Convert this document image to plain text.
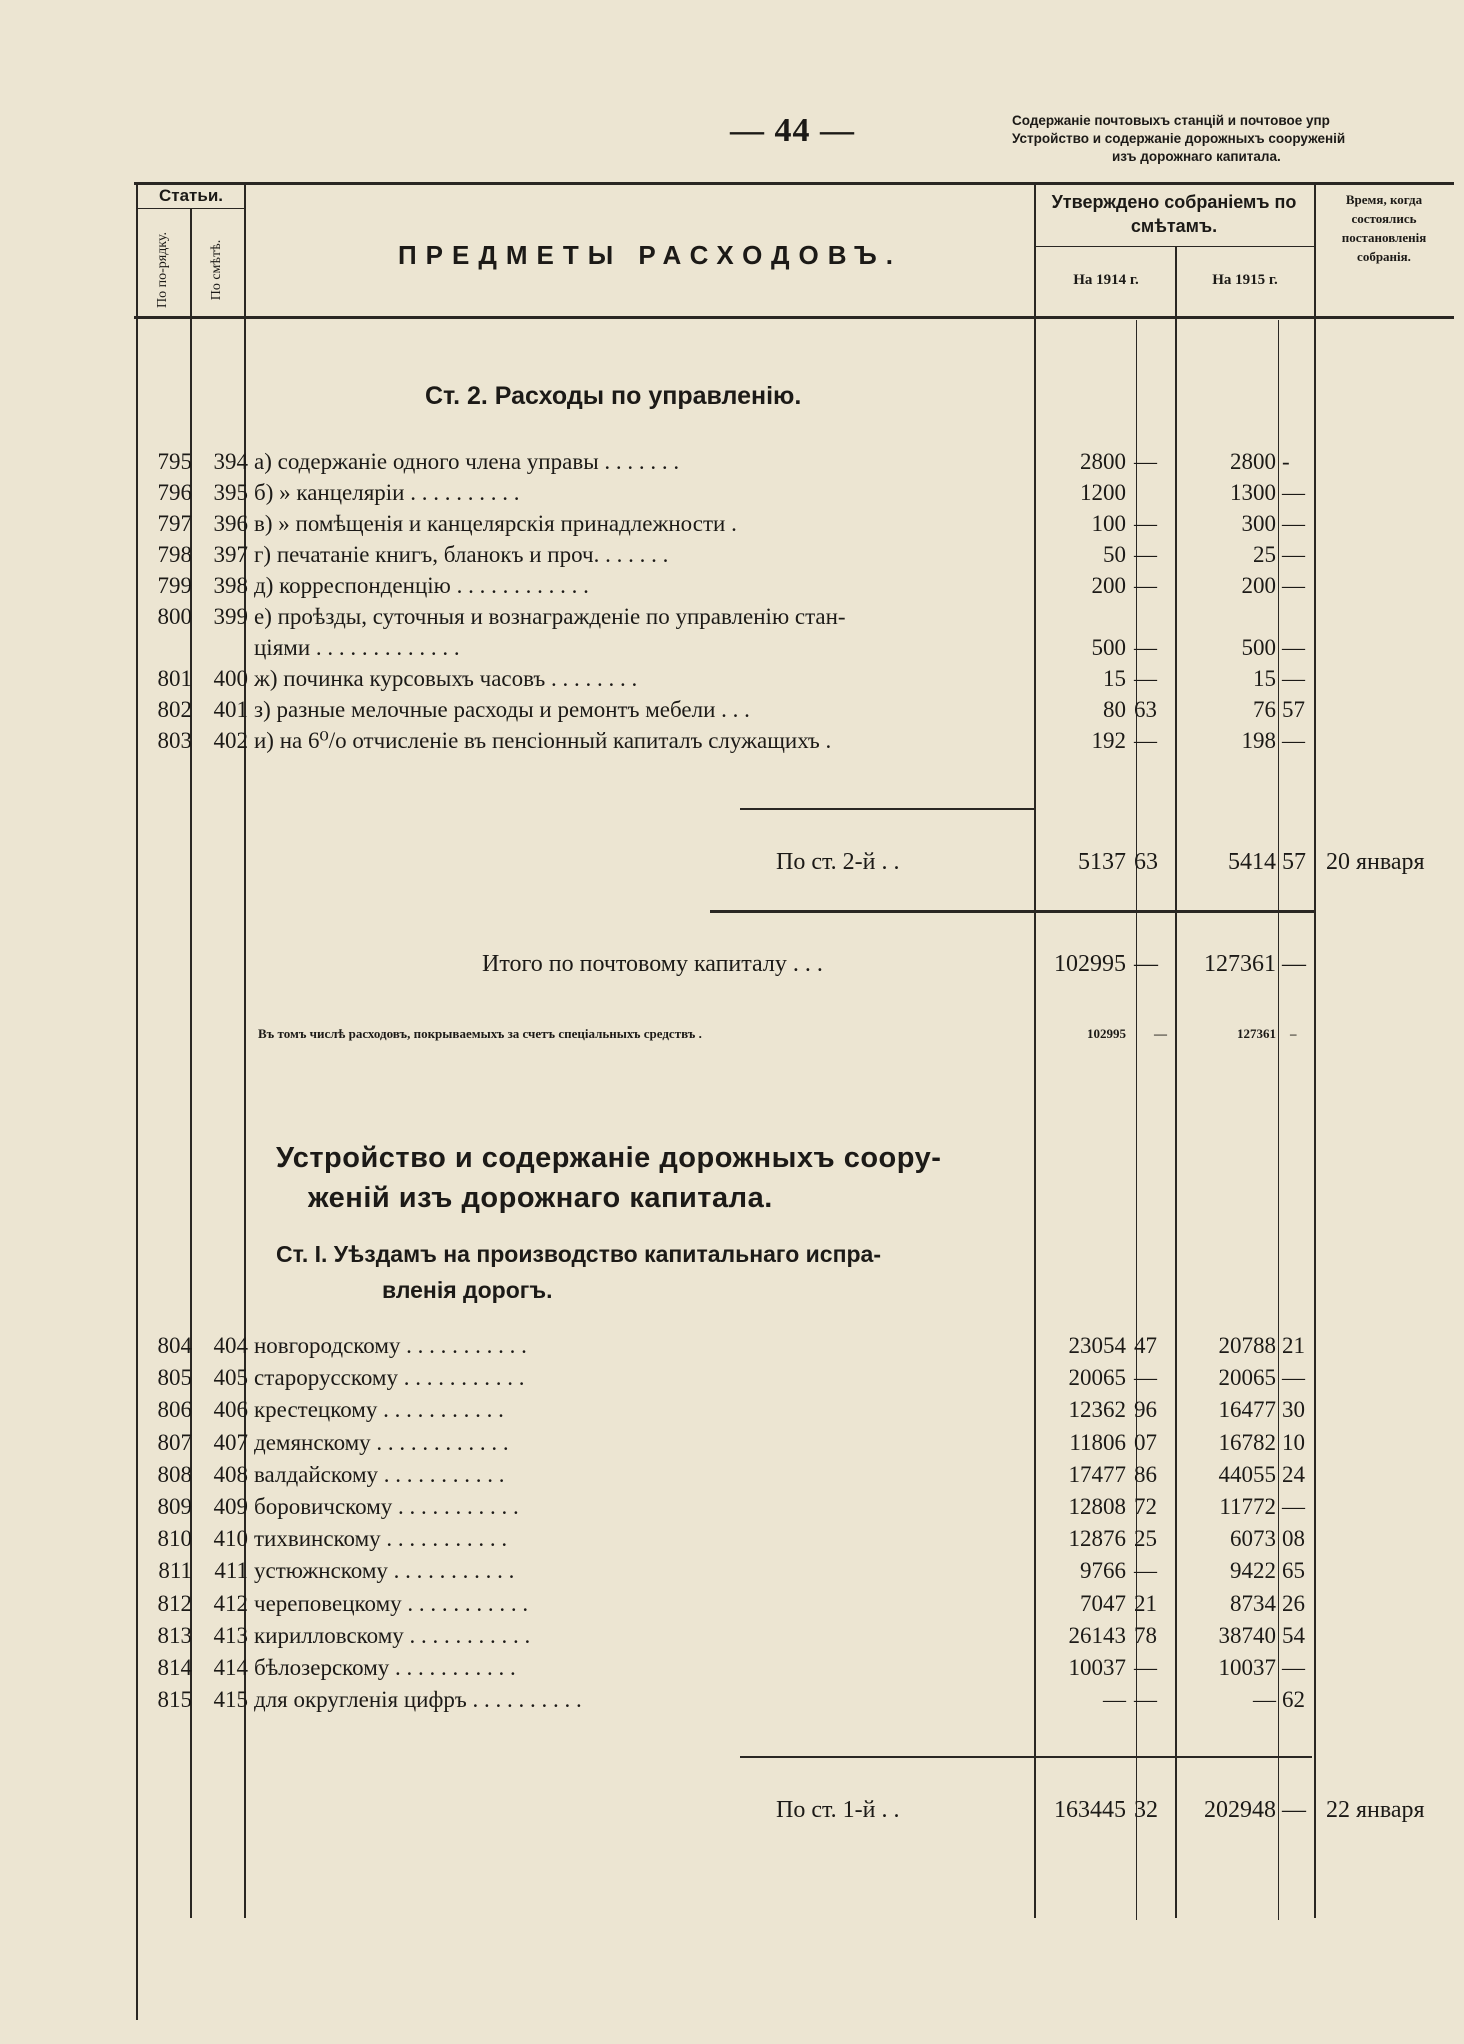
— 44 —	Содержаніе почтовыхъ станцій и почтовое упр
Устройство и содержаніе дорожныхъ сооруженій
изъ дорожнаго капитала.
Статьи.
По по-рядку.	По смѣтѣ.	ПРЕДМЕТЫ РАСХОДОВЪ.
Утверждено собраніемъ по смѣтамъ.
На 1914 г.	На 1915 г.
Время, когда состоялись постановленія собранія.
Ст. 2. Расходы по управленію.
795 394 а) содержаніе одного члена управы . . . . . . .	2800 —	2800 -
796 395 б) » канцеляріи . . . . . . . . . .	1200	1300 —
797 396 в) » помѣщенія и канцелярскія принадлежности .	100 —	300 —
798 397 г) печатаніе книгъ, бланокъ и проч. . . . . . .	50 —	25 —
799 398 д) корреспонденцію . . . . . . . . . . . .	200 —	200 —
800 399 е) проѣзды, суточныя и вознагражденіе по управленію стан-
ціями . . . . . . . . . . . . .	500 —	500 —
801 400 ж) починка курсовыхъ часовъ . . . . . . . .	15 —	15 —
802 401 з) разные мелочные расходы и ремонтъ мебели . . .	80 63	76 57
803 402 и) на 6⁰/о отчисленіе въ пенсіонный капиталъ служащихъ .	192 —	198 —
По ст. 2-й . .	5137 63	5414 57 20 января
Итого по почтовому капиталу . . .	102995 —	127361 —
Въ томъ числѣ расходовъ, покрываемыхъ за счетъ спеціальныхъ средствъ .	102995 —	127361 –
Устройство и содержаніе дорожныхъ соору-
женій изъ дорожнаго капитала.
Ст. I. Уѣздамъ на производство капитальнаго испра-
вленія дорогъ.
804 404 новгородскому . . . . . . . . . . .	23054 47	20788 21
805 405 старорусскому . . . . . . . . . . .	20065 —	20065 —
806 406 крестецкому . . . . . . . . . . .	12362 96	16477 30
807 407 демянскому . . . . . . . . . . . .	11806 07	16782 10
808 408 валдайскому . . . . . . . . . . .	17477 86	44055 24
809 409 боровичскому . . . . . . . . . . .	12808 72	11772 —
810 410 тихвинскому . . . . . . . . . . .	12876 25	6073 08
811 411 устюжнскому . . . . . . . . . . .	9766 —	9422 65
812 412 череповецкому . . . . . . . . . . .	7047 21	8734 26
813 413 кирилловскому . . . . . . . . . . .	26143 78	38740 54
814 414 бѣлозерскому . . . . . . . . . . .	10037 —	10037 —
815 415 для округленія цифръ . . . . . . . . . .	— —	— 62
По ст. 1-й . .	163445 32	202948 — 22 января
